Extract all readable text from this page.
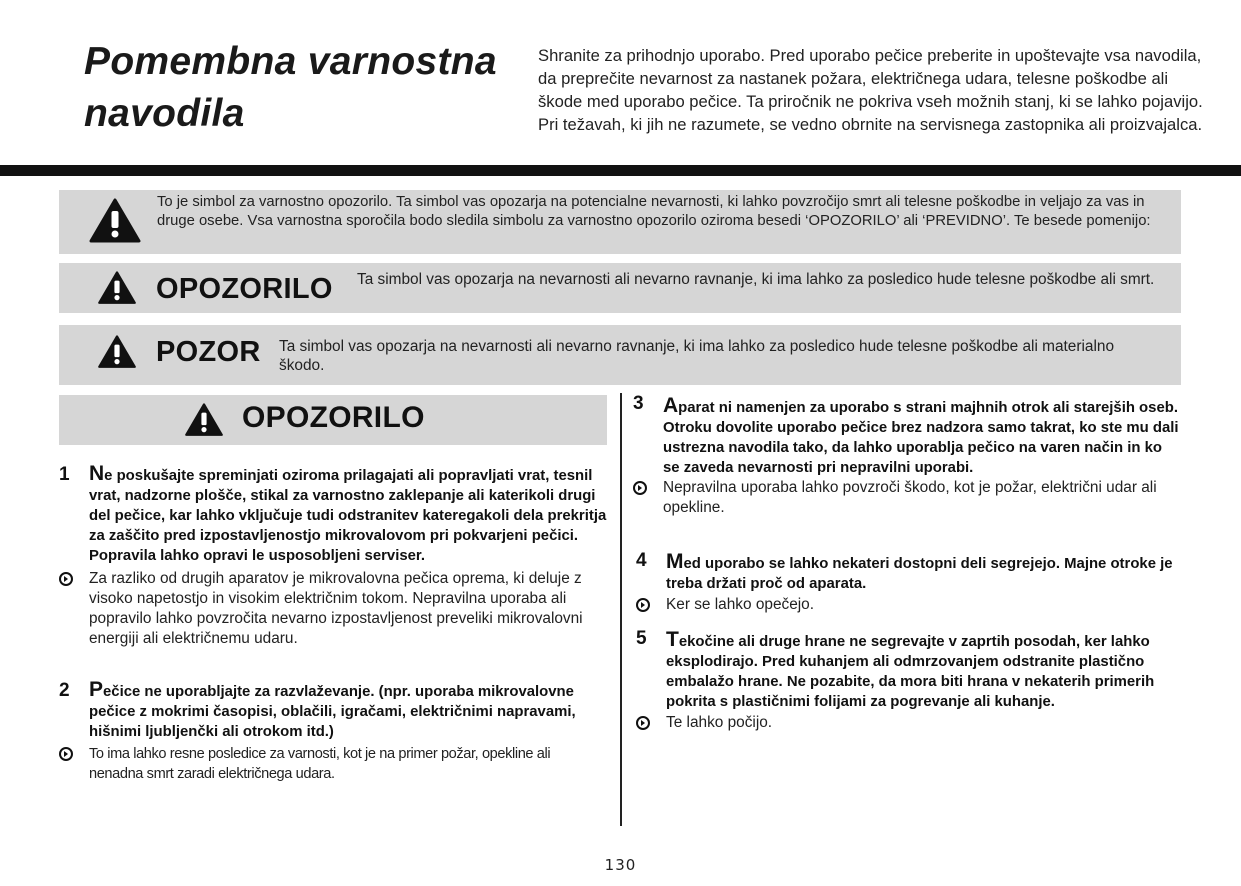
Pomembna varnostna
navodila
Shranite za prihodnjo uporabo. Pred uporabo pečice preberite in upoštevajte vsa navodila, da preprečite nevarnost za nastanek požara, električnega udara, telesne poškodbe ali škode med uporabo pečice. Ta priročnik ne pokriva vseh možnih stanj, ki se lahko pojavijo. Pri težavah, ki jih ne razumete, se vedno obrnite na servisnega zastopnika ali proizvajalca.
To je simbol za varnostno opozorilo. Ta simbol vas opozarja na potencialne nevarnosti, ki lahko povzročijo smrt ali telesne poškodbe in veljajo za vas in druge osebe. Vsa varnostna sporočila bodo sledila simbolu za varnostno opozorilo oziroma besedi ‘OPOZORILO’ ali ‘PREVIDNO’. Te besede pomenijo:
OPOZORILO Ta simbol vas opozarja na nevarnosti ali nevarno ravnanje, ki ima lahko za posledico hude telesne poškodbe ali smrt.
POZOR Ta simbol vas opozarja na nevarnosti ali nevarno ravnanje, ki ima lahko za posledico hude telesne poškodbe ali materialno škodo.
OPOZORILO
1 Ne poskušajte spreminjati oziroma prilagajati ali popravljati vrat, tesnil vrat, nadzorne plošče, stikal za varnostno zaklepanje ali katerikoli drugi del pečice, kar lahko vključuje tudi odstranitev kateregakoli dela prekritja za zaščito pred izpostavljenostjo mikrovalovom pri pokvarjeni pečici. Popravila lahko opravi le usposobljeni serviser.
Za razliko od drugih aparatov je mikrovalovna pečica oprema, ki deluje z visoko napetostjo in visokim električnim tokom. Nepravilna uporaba ali popravilo lahko povzročita nevarno izpostavljenost preveliki mikrovalovni energiji ali električnemu udaru.
2 Pečice ne uporabljajte za razvlaževanje. (npr. uporaba mikrovalovne pečice z mokrimi časopisi, oblačili, igračami, električnimi napravami, hišnimi ljubljenčki ali otrokom itd.)
To ima lahko resne posledice za varnosti, kot je na primer požar, opekline ali nenadna smrt zaradi električnega udara.
3 Aparat ni namenjen za uporabo s strani majhnih otrok ali starejših oseb. Otroku dovolite uporabo pečice brez nadzora samo takrat, ko ste mu dali ustrezna navodila tako, da lahko uporablja pečico na varen način in ko se zaveda nevarnosti pri nepravilni uporabi.
Nepravilna uporaba lahko povzroči škodo, kot je požar, električni udar ali opekline.
4 Med uporabo se lahko nekateri dostopni deli segrejejo. Majne otroke je treba držati proč od aparata.
Ker se lahko opečejo.
5 Tekočine ali druge hrane ne segrevajte v zaprtih posodah, ker lahko eksplodirajo. Pred kuhanjem ali odmrzovanjem odstranite plastično embalažo hrane. Ne pozabite, da mora biti hrana v nekaterih primerih pokrita s plastičnimi folijami za pogrevanje ali kuhanje.
Te lahko počijo.
130
